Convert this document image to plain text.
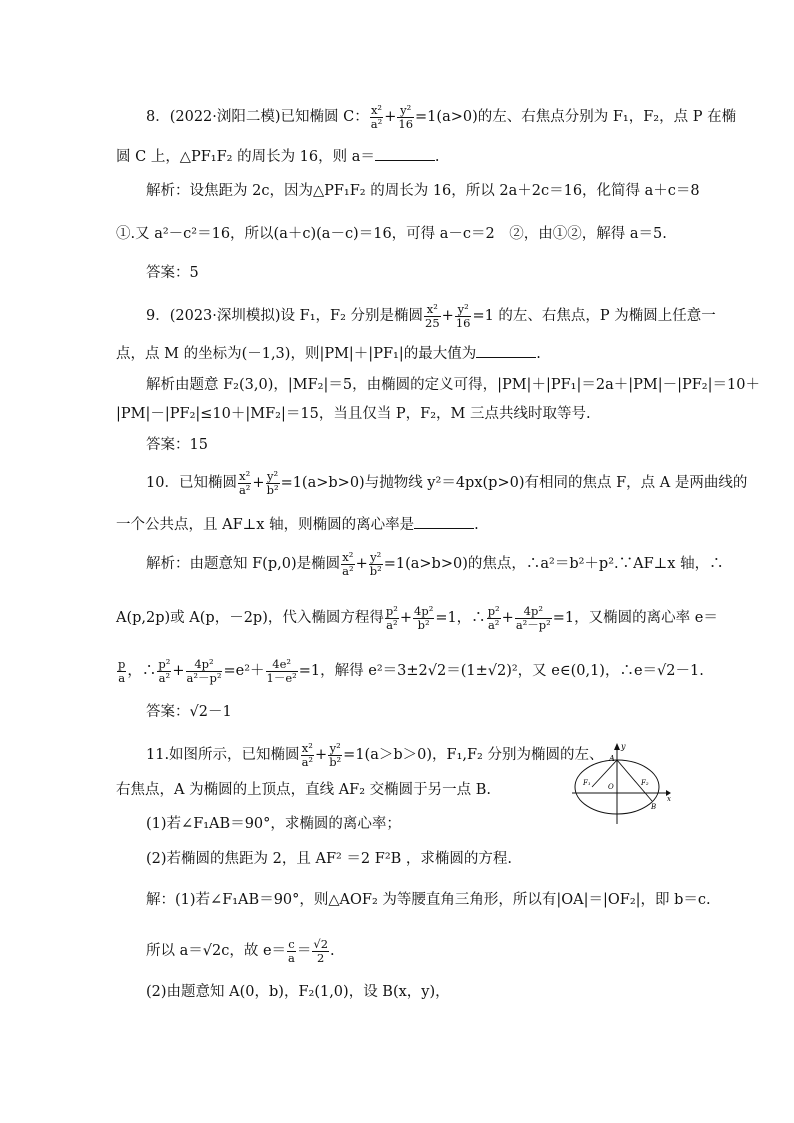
8．(2022·浏阳二模)已知椭圆 C： $\frac{\text{x²}}{\text{a²}} + \frac{\text{y²}}{16} =1(a>0)$的左、右焦点分别为 F₁，F₂，点 P 在椭
圆 C 上，△PF₁F₂ 的周长为 16，则 a＝	.
解析：设焦距为 2c，因为△PF₁F₂ 的周长为 16，所以 2a＋2c＝16，化简得 a＋c＝8
①.又 a²－c²＝16，所以(a＋c)(a－c)＝16，可得 a－c＝2　②，由①②，解得 a＝5.
答案：5
9．(2023·深圳模拟)设 F₁，F₂ 分别是椭圆 $\frac{\text{x²}}{25} + \frac{\text{y²}}{16} =1$ 的左、右焦点，P 为椭圆上任意一
点，点 M 的坐标为(－1,3)，则|PM|＋|PF₁|的最大值为	.
解析由题意 F₂(3,0)，|MF₂|＝5，由椭圆的定义可得，|PM|＋|PF₁|＝2a＋|PM|－|PF₂|＝10＋
|PM|－|PF₂|≤10＋|MF₂|＝15，当且仅当 P，F₂，M 三点共线时取等号.
答案：15
10．已知椭圆 $\frac{\text{x²}}{\text{a²}} + \frac{\text{y²}}{\text{b²}} =1(a>b>0)$与抛物线 y²＝4px(p>0)有相同的焦点 F，点 A 是两曲线的
一个公共点，且 AF⊥x 轴，则椭圆的离心率是	.
解析：由题意知 F(p,0)是椭圆 $\frac{\text{x²}}{\text{a²}} + \frac{\text{y²}}{\text{b²}} =1(a>b>0)$的焦点，∴a²＝b²＋p².∵AF⊥x 轴，∴
A(p,2p)或 A(p，－2p)，代入椭圆方程得 $\frac{\text{p²}}{\text{a²}} + \frac{\text{4p²}}{\text{b²}} =1$，∴ $\frac{\text{p²}}{\text{a²}} + \frac{\text{4p²}}{\text{a²－p²}} =1$，又椭圆的离心率 e＝
$\frac{p}{a}$ ，∴ $\frac{\text{p²}}{\text{a²}} + \frac{\text{4p²}}{\text{a²－p²}} =e^2+ \frac{\text{4e²}}{\text{1－e²}} =1$，解得 e²＝3±2√2＝(1±√2)²，又 e∈(0,1)，∴e＝√2－1.
答案：√2－1
11.如图所示，已知椭圆 $\frac{\text{x²}}{\text{a²}} + \frac{\text{y²}}{\text{b²}} =1(a>b>0)$，F₁,F₂ 分别为椭圆的左、
右焦点，A 为椭圆的上顶点，直线 AF₂ 交椭圆于另一点 B.
(1)若∠F₁AB＝90°，求椭圆的离心率；
(2)若椭圆的焦距为 2，且 AF² ＝2 F²B ，求椭圆的方程.
解：(1)若∠F₁AB＝90°，则△AOF₂ 为等腰直角三角形，所以有|OA|＝|OF₂|，即 b＝c.
所以 a＝√2c，故 $e= \frac{c}{a} = \frac{√2}{2}$ .
(2)由题意知 A(0，b)，F₂(1,0)，设 B(x，y)，
A
y
F₁ O	F₂
B
x
